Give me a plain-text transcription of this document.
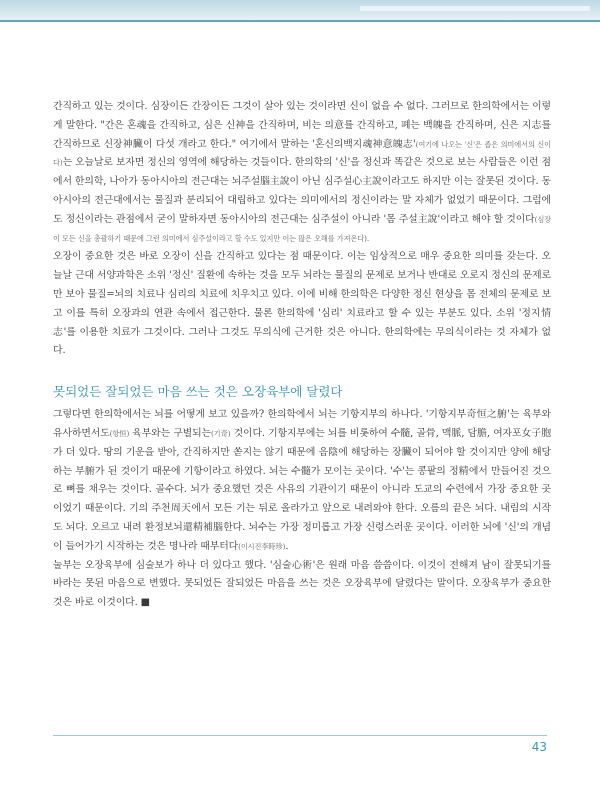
간직하고 있는 것이다. 심장이든 간장이든 그것이 살아 있는 것이라면 신이 없을 수 없다. 그러므로 한의학에서는 이렇게 말한다. "간은 혼魂을 간직하고, 심은 신神을 간직하며, 비는 의意를 간직하고, 폐는 백魄을 간직하며, 신은 지志를 간직하므로 신장神臟이 다섯 개라고 한다." 여기에서 말하는 '혼신의백지魂神意魄志'(여기에 나오는 '신'은 좁은 의미에서의 신이다)는 오늘날로 보자면 정신의 영역에 해당하는 것들이다. 한의학의 '신'을 정신과 똑같은 것으로 보는 사람들은 이런 점에서 한의학, 나아가 동아시아의 전근대는 뇌주설腦主說이 아닌 심주설心主說이라고도 하지만 이는 잘못된 것이다. 동아시아의 전근대에서는 물질과 분리되어 대립하고 있다는 의미에서의 정신이라는 말 자체가 없었기 때문이다. 그럼에도 정신이라는 관점에서 굳이 말하자면 동아시아의 전근대는 심주설이 아니라 '몸 주설主說'이라고 해야 할 것이다(심장이 모든 신을 총괄하기 때문에 그런 의미에서 심주설이라고 할 수도 있지만 이는 많은 오해를 가져온다).

오장이 중요한 것은 바로 오장이 신을 간직하고 있다는 점 때문이다. 이는 임상적으로 매우 중요한 의미를 갖는다. 오늘날 근대 서양과학은 소위 '정신' 질환에 속하는 것을 모두 뇌라는 물질의 문제로 보거나 반대로 오로지 정신의 문제로만 보아 물질=뇌의 치료나 심리의 치료에 치우치고 있다. 이에 비해 한의학은 다양한 정신 현상을 몸 전체의 문제로 보고 이를 특히 오장과의 연관 속에서 접근한다. 물론 한의학에 '심리' 치료라고 할 수 있는 부분도 있다. 소위 '정지情志'를 이용한 치료가 그것이다. 그러나 그것도 무의식에 근거한 것은 아니다. 한의학에는 무의식이라는 것 자체가 없다.

못되었든 잘되었든 마음 쓰는 것은 오장육부에 달렸다

그렇다면 한의학에서는 뇌를 어떻게 보고 있을까? 한의학에서 뇌는 기항지부의 하나다. '기항지부奇恒之腑'는 육부와 유사하면서도(항恒) 육부와는 구별되는(기奇) 것이다. 기항지부에는 뇌를 비롯하여 수髓, 골骨, 맥脈, 담膽, 여자포女子胞가 더 있다. 땅의 기운을 받아, 간직하지만 쏟지는 않기 때문에 음陰에 해당하는 장臟이 되어야 할 것이지만 양에 해당하는 부腑가 된 것이기 때문에 기항이라고 하였다. 뇌는 수髓가 모이는 곳이다. '수'는 콩팥의 정精에서 만들어진 것으로 뼈를 채우는 것이다. 골수다. 뇌가 중요했던 것은 사유의 기관이기 때문이 아니라 도교의 수련에서 가장 중요한 곳이었기 때문이다. 기의 주천周天에서 모든 기는 뒤로 올라가고 앞으로 내려와야 한다. 오름의 끝은 뇌다. 내림의 시작도 뇌다. 오르고 내려 환정보뇌還精補腦한다. 뇌수는 가장 정미롭고 가장 신령스러운 곳이다. 이러한 뇌에 '신'의 개념이 들어가기 시작하는 것은 명나라 때부터다(이시진李時珍).

눌부는 오장육부에 심술보가 하나 더 있다고 했다. '심술心術'은 원래 마음 씀씀이다. 이것이 전해져 남이 잘못되기를 바라는 못된 마음으로 변했다. 못되었든 잘되었든 마음을 쓰는 것은 오장육부에 달렸다는 말이다. 오장육부가 중요한 것은 바로 이것이다. ■

43
